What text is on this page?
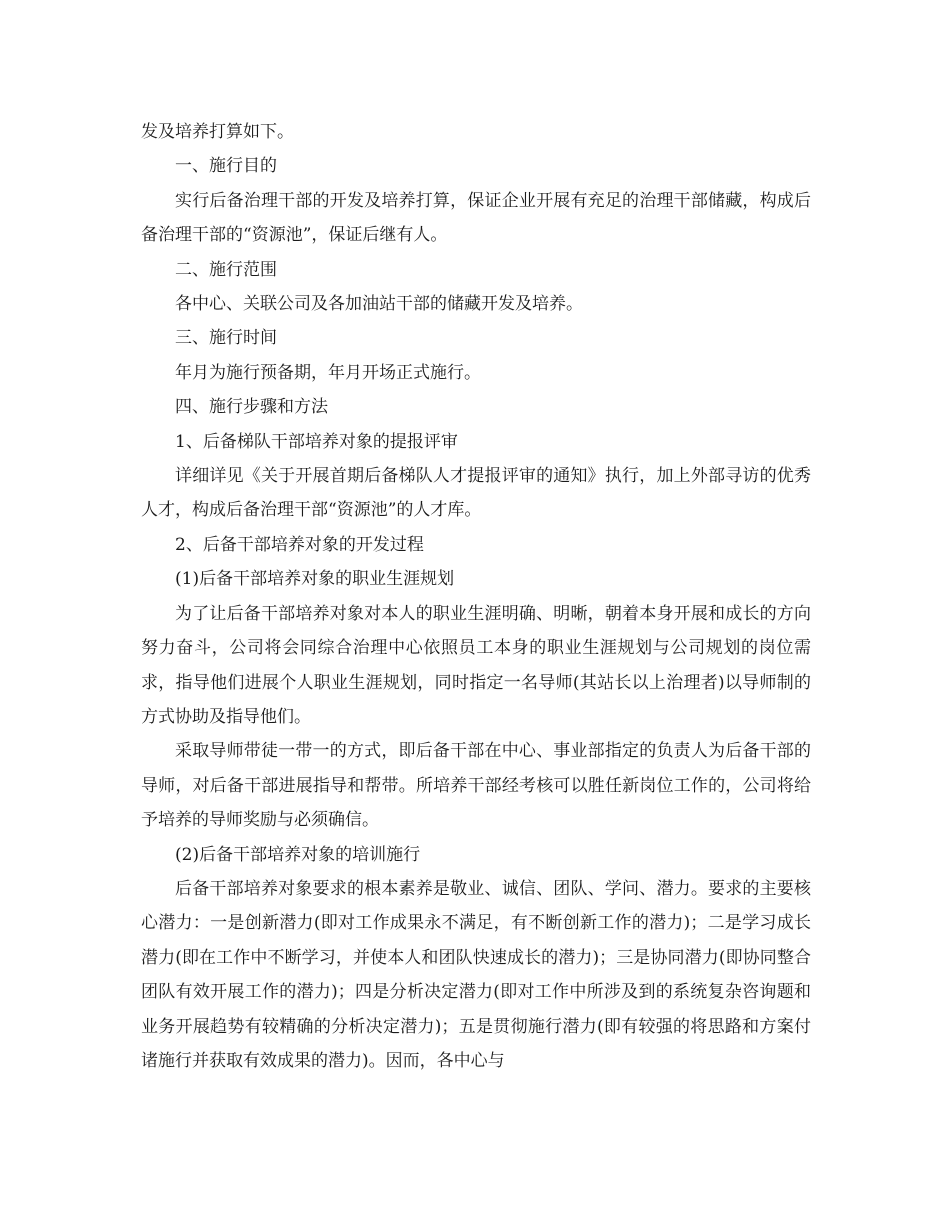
发及培养打算如下。

一、施行目的

实行后备治理干部的开发及培养打算，保证企业开展有充足的治理干部储藏，构成后备治理干部的“资源池”，保证后继有人。

二、施行范围

各中心、关联公司及各加油站干部的储藏开发及培养。

三、施行时间

年月为施行预备期，年月开场正式施行。

四、施行步骤和方法

1、后备梯队干部培养对象的提报评审

详细详见《关于开展首期后备梯队人才提报评审的通知》执行，加上外部寻访的优秀人才，构成后备治理干部“资源池”的人才库。

2、后备干部培养对象的开发过程

(1)后备干部培养对象的职业生涯规划

为了让后备干部培养对象对本人的职业生涯明确、明晰，朝着本身开展和成长的方向努力奋斗，公司将会同综合治理中心依照员工本身的职业生涯规划与公司规划的岗位需求，指导他们进展个人职业生涯规划，同时指定一名导师(其站长以上治理者)以导师制的方式协助及指导他们。

采取导师带徒一带一的方式，即后备干部在中心、事业部指定的负责人为后备干部的导师，对后备干部进展指导和帮带。所培养干部经考核可以胜任新岗位工作的，公司将给予培养的导师奖励与必须确信。

(2)后备干部培养对象的培训施行

后备干部培养对象要求的根本素养是敬业、诚信、团队、学问、潜力。要求的主要核心潜力：一是创新潜力(即对工作成果永不满足，有不断创新工作的潜力)；二是学习成长潜力(即在工作中不断学习，并使本人和团队快速成长的潜力)；三是协同潜力(即协同整合团队有效开展工作的潜力)；四是分析决定潜力(即对工作中所涉及到的系统复杂咨询题和业务开展趋势有较精确的分析决定潜力)；五是贯彻施行潜力(即有较强的将思路和方案付诸施行并获取有效成果的潜力)。因而，各中心与
